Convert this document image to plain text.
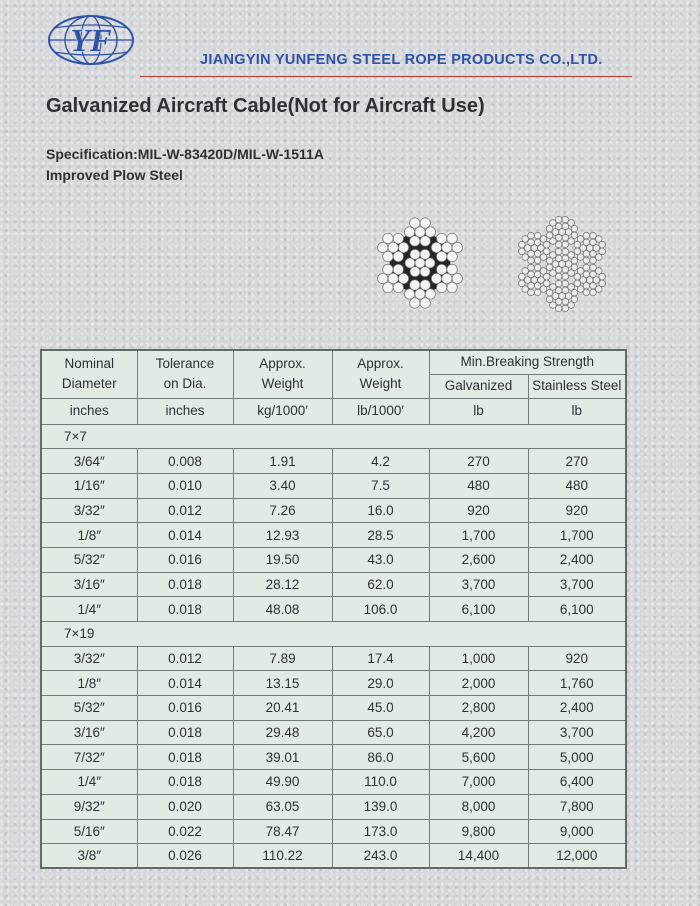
YF
JIANGYIN YUNFENG STEEL ROPE PRODUCTS CO.,LTD.
Galvanized Aircraft Cable(Not for Aircraft Use)
Specification:MIL-W-83420D/MIL-W-1511A
Improved Plow Steel
Nominal Diameter	Tolerance on Dia.	Approx. Weight	Approx. Weight	Min.Breaking Strength	
				Galvanized	Stainless Steel
inches	inches	kg/1000′	lb/1000′	lb	lb
7×7					
3/64″	0.008	1.91	4.2	270	270
1/16″	0.010	3.40	7.5	480	480
3/32″	0.012	7.26	16.0	920	920
1/8″	0.014	12.93	28.5	1,700	1,700
5/32″	0.016	19.50	43.0	2,600	2,400
3/16″	0.018	28.12	62.0	3,700	3,700
1/4″	0.018	48.08	106.0	6,100	6,100
7×19					
3/32″	0.012	7.89	17.4	1,000	920
1/8″	0.014	13.15	29.0	2,000	1,760
5/32″	0.016	20.41	45.0	2,800	2,400
3/16″	0.018	29.48	65.0	4,200	3,700
7/32″	0.018	39.01	86.0	5,600	5,000
1/4″	0.018	49.90	110.0	7,000	6,400
9/32″	0.020	63.05	139.0	8,000	7,800
5/16″	0.022	78.47	173.0	9,800	9,000
3/8″	0.026	110.22	243.0	14,400	12,000
